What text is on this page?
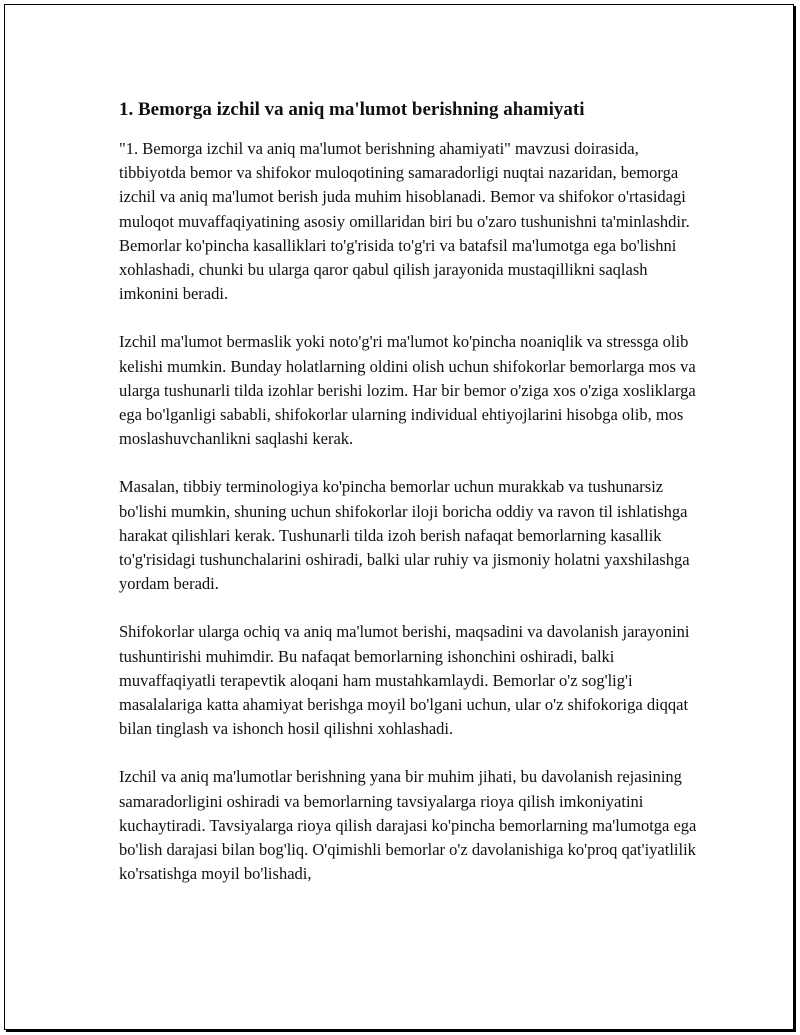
1. Bemorga izchil va aniq ma'lumot berishning ahamiyati

"1. Bemorga izchil va aniq ma'lumot berishning ahamiyati" mavzusi doirasida, tibbiyotda bemor va shifokor muloqotining samaradorligi nuqtai nazaridan, bemorga izchil va aniq ma'lumot berish juda muhim hisoblanadi. Bemor va shifokor o'rtasidagi muloqot muvaffaqiyatining asosiy omillaridan biri bu o'zaro tushunishni ta'minlashdir. Bemorlar ko'pincha kasalliklari to'g'risida to'g'ri va batafsil ma'lumotga ega bo'lishni xohlashadi, chunki bu ularga qaror qabul qilish jarayonida mustaqillikni saqlash imkonini beradi.

Izchil ma'lumot bermaslik yoki noto'g'ri ma'lumot ko'pincha noaniqlik va stressga olib kelishi mumkin. Bunday holatlarning oldini olish uchun shifokorlar bemorlarga mos va ularga tushunarli tilda izohlar berishi lozim. Har bir bemor o'ziga xos o'ziga xosliklarga ega bo'lganligi sababli, shifokorlar ularning individual ehtiyojlarini hisobga olib, mos moslashuvchanlikni saqlashi kerak.

Masalan, tibbiy terminologiya ko'pincha bemorlar uchun murakkab va tushunarsiz bo'lishi mumkin, shuning uchun shifokorlar iloji boricha oddiy va ravon til ishlatishga harakat qilishlari kerak. Tushunarli tilda izoh berish nafaqat bemorlarning kasallik to'g'risidagi tushunchalarini oshiradi, balki ular ruhiy va jismoniy holatni yaxshilashga yordam beradi.

Shifokorlar ularga ochiq va aniq ma'lumot berishi, maqsadini va davolanish jarayonini tushuntirishi muhimdir. Bu nafaqat bemorlarning ishonchini oshiradi, balki muvaffaqiyatli terapevtik aloqani ham mustahkamlaydi. Bemorlar o'z sog'lig'i masalalariga katta ahamiyat berishga moyil bo'lgani uchun, ular o'z shifokoriga diqqat bilan tinglash va ishonch hosil qilishni xohlashadi.

Izchil va aniq ma'lumotlar berishning yana bir muhim jihati, bu davolanish rejasining samaradorligini oshiradi va bemorlarning tavsiyalarga rioya qilish imkoniyatini kuchaytiradi. Tavsiyalarga rioya qilish darajasi ko'pincha bemorlarning ma'lumotga ega bo'lish darajasi bilan bog'liq. O'qimishli bemorlar o'z davolanishiga ko'proq qat'iyatlilik ko'rsatishga moyil bo'lishadi,
